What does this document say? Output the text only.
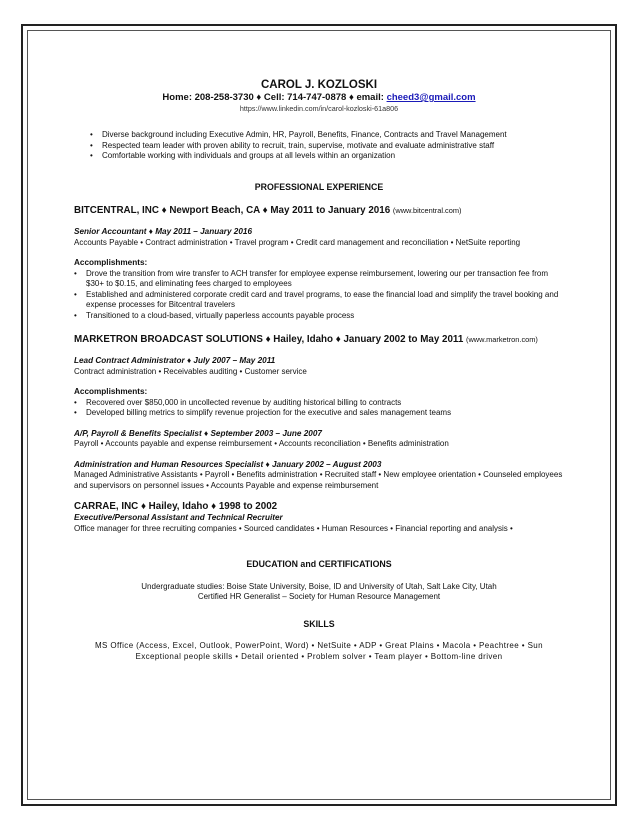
CAROL J. KOZLOSKI
Home: 208-258-3730 ♦ Cell: 714-747-0878 ♦ email: cheed3@gmail.com
https://www.linkedin.com/in/carol-kozloski-61a806
• Diverse background including Executive Admin, HR, Payroll, Benefits, Finance, Contracts and Travel Management
• Respected team leader with proven ability to recruit, train, supervise, motivate and evaluate administrative staff
• Comfortable working with individuals and groups at all levels within an organization
PROFESSIONAL EXPERIENCE
BITCENTRAL, INC ♦ Newport Beach, CA ♦ May 2011 to January 2016 (www.bitcentral.com)
Senior Accountant ♦ May 2011 – January 2016
Accounts Payable • Contract administration • Travel program • Credit card management and reconciliation • NetSuite reporting
Accomplishments:
• Drove the transition from wire transfer to ACH transfer for employee expense reimbursement, lowering our per transaction fee from $30+ to $0.15, and eliminating fees charged to employees
• Established and administered corporate credit card and travel programs, to ease the financial load and simplify the travel booking and expense processes for Bitcentral travelers
• Transitioned to a cloud-based, virtually paperless accounts payable process
MARKETRON BROADCAST SOLUTIONS ♦ Hailey, Idaho ♦ January 2002 to May 2011 (www.marketron.com)
Lead Contract Administrator ♦ July 2007 – May 2011
Contract administration • Receivables auditing • Customer service
Accomplishments:
• Recovered over $850,000 in uncollected revenue by auditing historical billing to contracts
• Developed billing metrics to simplify revenue projection for the executive and sales management teams
A/P, Payroll & Benefits Specialist ♦ September 2003 – June 2007
Payroll • Accounts payable and expense reimbursement • Accounts reconciliation • Benefits administration
Administration and Human Resources Specialist ♦ January 2002 – August 2003
Managed Administrative Assistants • Payroll • Benefits administration • Recruited staff • New employee orientation • Counseled employees and supervisors on personnel issues • Accounts Payable and expense reimbursement
CARRAE, INC ♦ Hailey, Idaho ♦ 1998 to 2002
Executive/Personal Assistant and Technical Recruiter
Office manager for three recruiting companies • Sourced candidates • Human Resources • Financial reporting and analysis •
EDUCATION and CERTIFICATIONS
Undergraduate studies: Boise State University, Boise, ID and University of Utah, Salt Lake City, Utah
Certified HR Generalist – Society for Human Resource Management
SKILLS
MS Office (Access, Excel, Outlook, PowerPoint, Word) • NetSuite • ADP • Great Plains • Macola • Peachtree • Sun
Exceptional people skills • Detail oriented • Problem solver • Team player • Bottom-line driven
